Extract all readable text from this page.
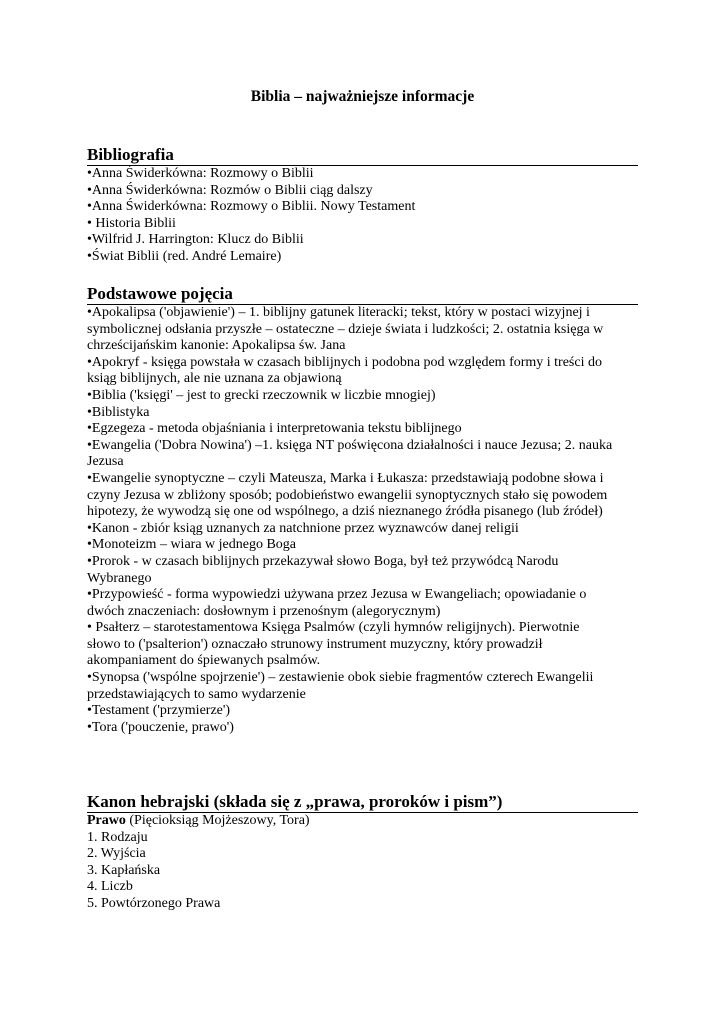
Biblia – najważniejsze informacje
Bibliografia
•Anna Świderkówna: Rozmowy o Biblii
•Anna Świderkówna: Rozmów o Biblii ciąg dalszy
•Anna Świderkówna: Rozmowy o Biblii. Nowy Testament
• Historia Biblii
•Wilfrid J. Harrington: Klucz do Biblii
•Świat Biblii (red. André Lemaire)
Podstawowe pojęcia
•Apokalipsa ('objawienie') – 1. biblijny gatunek literacki; tekst, który w postaci wizyjnej i
symbolicznej odsłania przyszłe – ostateczne – dzieje świata i ludzkości; 2. ostatnia księga w
chrześcijańskim kanonie: Apokalipsa św. Jana
•Apokryf - księga powstała w czasach biblijnych i podobna pod względem formy i treści do
ksiąg biblijnych, ale nie uznana za objawioną
•Biblia ('księgi' – jest to grecki rzeczownik w liczbie mnogiej)
•Biblistyka
•Egzegeza - metoda objaśniania i interpretowania tekstu biblijnego
•Ewangelia ('Dobra Nowina') –1. księga NT poświęcona działalności i nauce Jezusa; 2. nauka
Jezusa
•Ewangelie synoptyczne – czyli Mateusza, Marka i Łukasza: przedstawiają podobne słowa i
czyny Jezusa w zbliżony sposób; podobieństwo ewangelii synoptycznych stało się powodem
hipotezy, że wywodzą się one od wspólnego, a dziś nieznanego źródła pisanego (lub źródeł)
•Kanon - zbiór ksiąg uznanych za natchnione przez wyznawców danej religii
•Monoteizm – wiara w jednego Boga
•Prorok - w czasach biblijnych przekazywał słowo Boga, był też przywódcą Narodu
Wybranego
•Przypowieść - forma wypowiedzi używana przez Jezusa w Ewangeliach; opowiadanie o
dwóch znaczeniach: dosłownym i przenośnym (alegorycznym)
• Psałterz – starotestamentowa Księga Psalmów (czyli hymnów religijnych). Pierwotnie
słowo to ('psalterion') oznaczało strunowy instrument muzyczny, który prowadził
akompaniament do śpiewanych psalmów.
•Synopsa ('wspólne spojrzenie') – zestawienie obok siebie fragmentów czterech Ewangelii
przedstawiających to samo wydarzenie
•Testament ('przymierze')
•Tora ('pouczenie, prawo')
Kanon hebrajski (składa się z „prawa, proroków i pism”)
Prawo (Pięcioksiąg Mojżeszowy, Tora)
1. Rodzaju
2. Wyjścia
3. Kapłańska
4. Liczb
5. Powtórzonego Prawa
